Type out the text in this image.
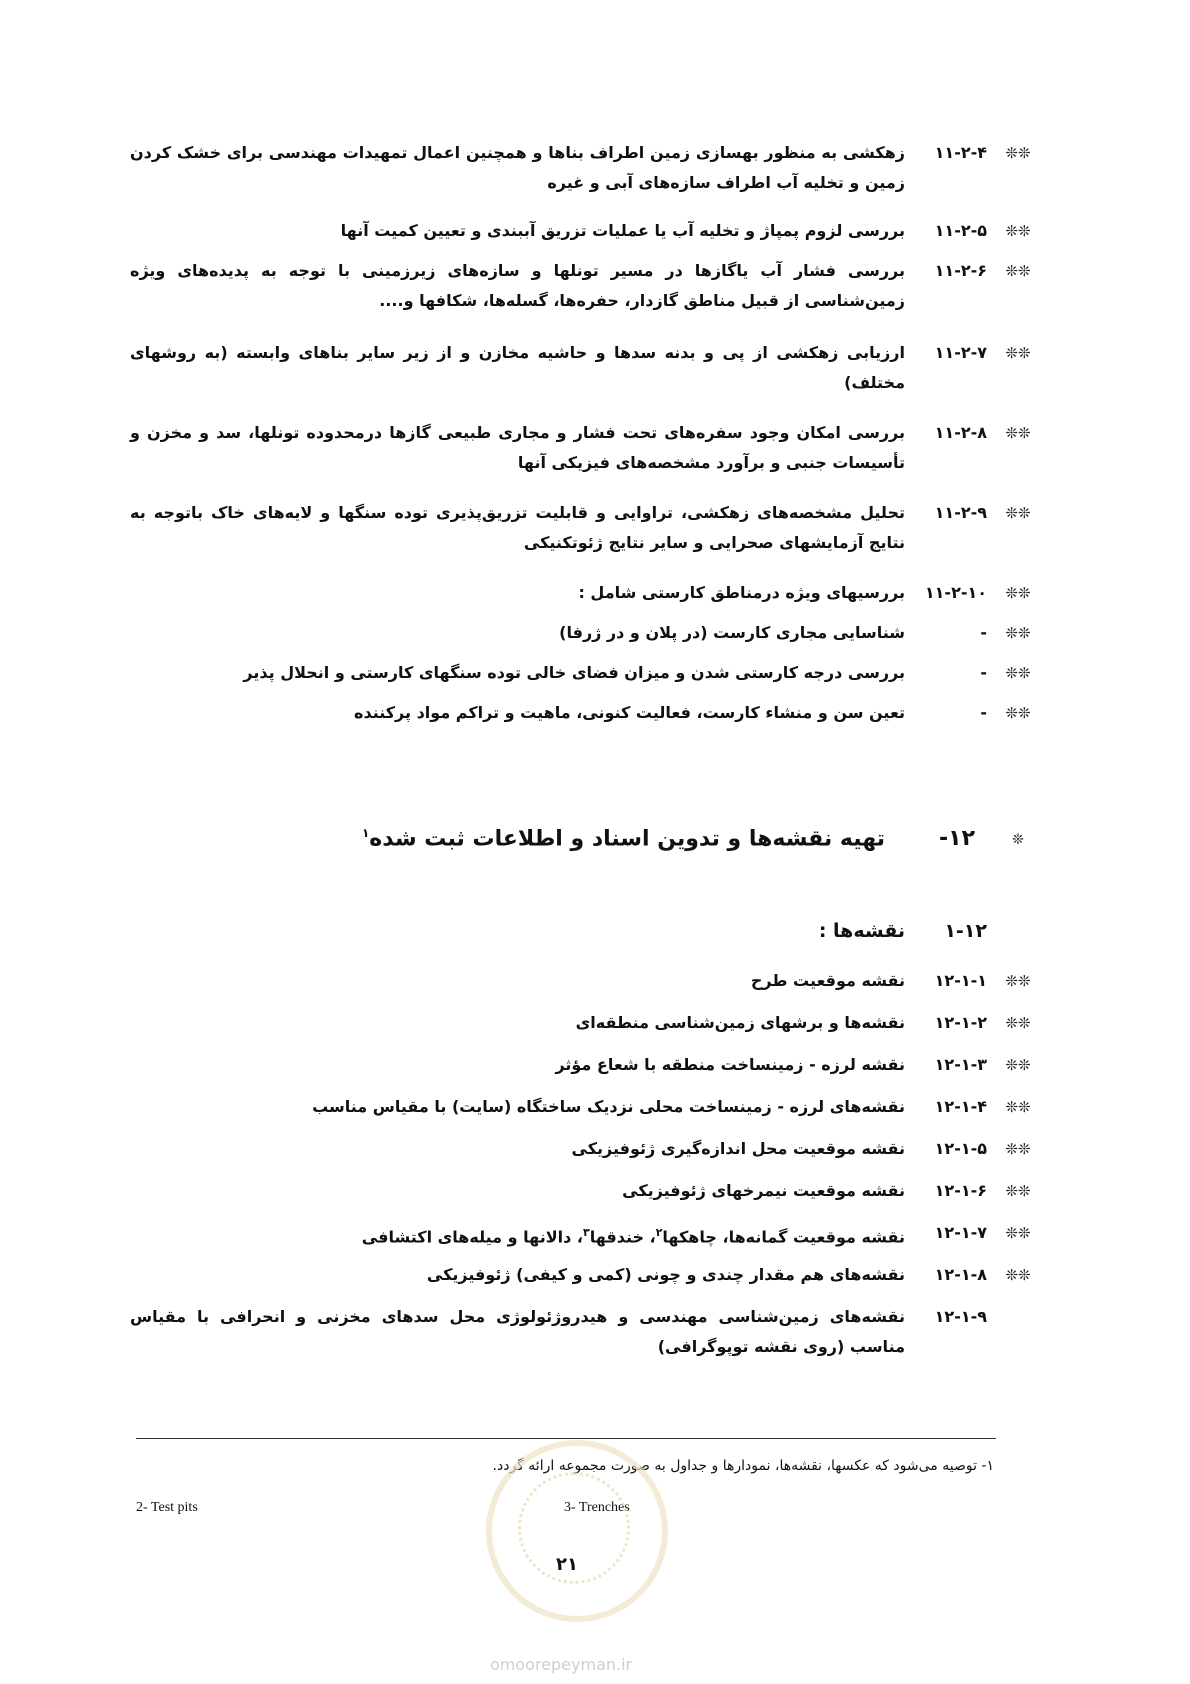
❊❊
۱۱-۲-۴
زهکشی به منظور بهسازی زمین اطراف بناها و همچنین اعمال تمهیدات مهندسی برای خشک کردن زمین و تخلیه آب اطراف سازه‌های آبی و غیره
❊❊
۱۱-۲-۵
بررسی لزوم پمپاژ و تخلیه آب یا عملیات تزریق آببندی و تعیین کمیت آنها
❊❊
۱۱-۲-۶
بررسی فشار آب یاگازها در مسیر تونلها و سازه‌های زیرزمینی با توجه به پدیده‌های ویژه زمین‌شناسی از قبیل مناطق گازدار، حفره‌ها، گسله‌ها، شکافها و....
❊❊
۱۱-۲-۷
ارزیابی زهکشی از پی و بدنه سدها و حاشیه مخازن و از زیر سایر بناهای وابسته (به روشهای مختلف)
❊❊
۱۱-۲-۸
بررسی امکان وجود سفره‌های تحت فشار و مجاری طبیعی گازها درمحدوده تونلها، سد و مخزن و تأسیسات جنبی و برآورد مشخصه‌های فیزیکی آنها
❊❊
۱۱-۲-۹
تحلیل مشخصه‌های زهکشی، تراوایی و قابلیت تزریق‌پذیری توده سنگها و لایه‌های خاک باتوجه به نتایج آزمایشهای صحرایی و سایر نتایج ژئوتکنیکی
❊❊
۱۱-۲-۱۰
بررسیهای ویژه درمناطق کارستی شامل :
❊❊
-
شناسایی مجاری کارست (در پلان و در ژرفا)
❊❊
-
بررسی درجه کارستی شدن و میزان فضای خالی توده سنگهای کارستی و انحلال پذیر
❊❊
-
تعین سن و منشاء کارست، فعالیت کنونی، ماهیت و تراکم مواد پرکننده
❊
۱۲-
تهیه نقشه‌ها و تدوین اسناد و اطلاعات ثبت شده$^۱$
۱-۱۲
نقشه‌ها :
❊❊
۱۲-۱-۱
نقشه موقعیت طرح
❊❊
۱۲-۱-۲
نقشه‌ها و برشهای زمین‌شناسی منطقه‌ای
❊❊
۱۲-۱-۳
نقشه لرزه - زمینساخت منطقه با شعاع مؤثر
❊❊
۱۲-۱-۴
نقشه‌های لرزه - زمینساخت محلی نزدیک ساختگاه (سایت) با مقیاس مناسب
❊❊
۱۲-۱-۵
نقشه موقعیت محل اندازه‌گیری ژئوفیزیکی
❊❊
۱۲-۱-۶
نقشه موقعیت نیمرخهای ژئوفیزیکی
❊❊
۱۲-۱-۷
نقشه موقعیت گمانه‌ها، چاهکها$^۲$، خندقها$^۳$، دالانها و میله‌های اکتشافی
❊❊
۱۲-۱-۸
نقشه‌های هم مقدار چندی و چونی (کمی و کیفی) ژئوفیزیکی
۱۲-۱-۹
نقشه‌های زمین‌شناسی مهندسی و هیدروژئولوژی محل سدهای مخزنی و انحرافی با مقیاس مناسب (روی نقشه توپوگرافی)
۱- توصیه می‌شود که عکسها، نقشه‌ها، نمودارها و جداول به صورت مجموعه ارائه گردد.
2- Test pits	3- Trenches
۲۱
omoorepeyman.ir
